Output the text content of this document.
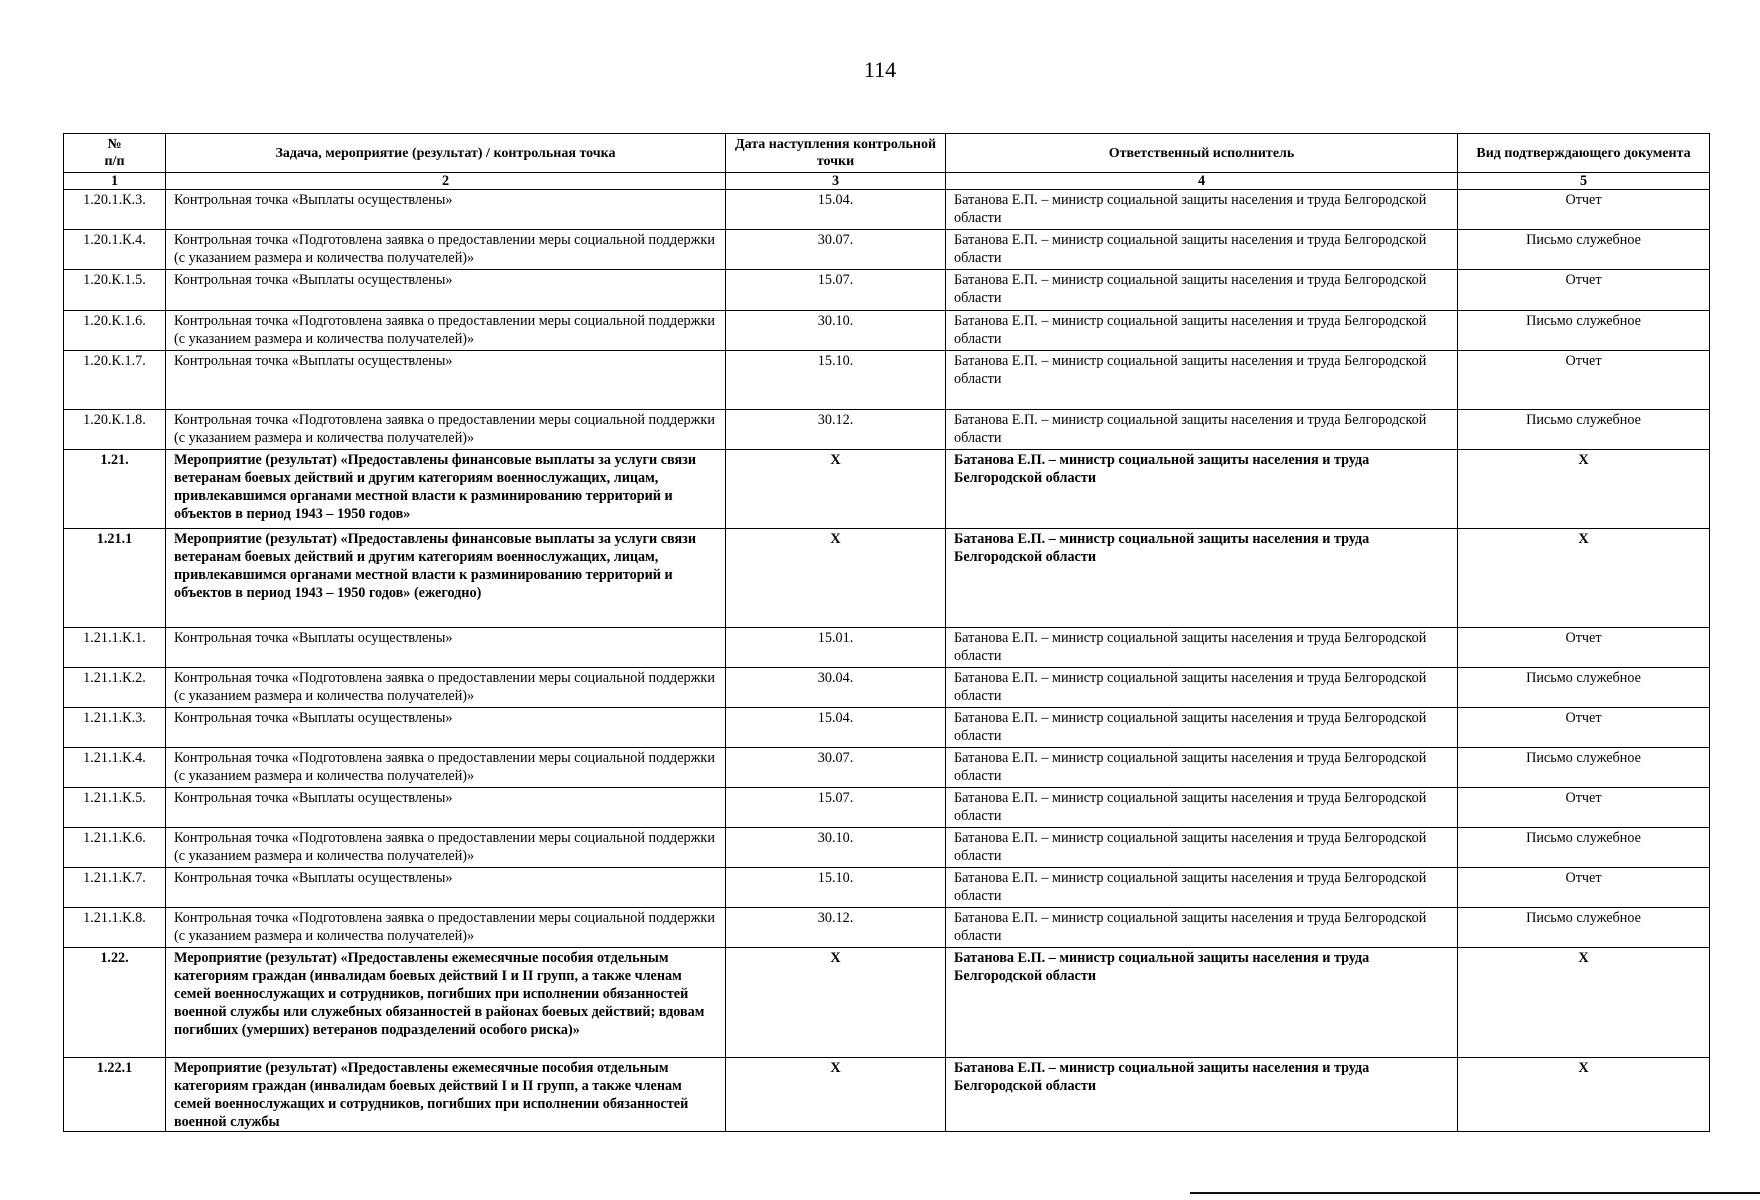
114
№
п/п	Задача, мероприятие (результат) / контрольная точка	Дата наступления контрольной точки	Ответственный исполнитель	Вид подтверждающего документа
1	2	3	4	5
1.20.1.К.3.	Контрольная точка «Выплаты осуществлены»	15.04.	Батанова Е.П. – министр социальной защиты населения и труда Белгородской области	Отчет
1.20.1.К.4.	Контрольная точка «Подготовлена заявка о предоставлении меры социальной поддержки (с указанием размера и количества получателей)»	30.07.	Батанова Е.П. – министр социальной защиты населения и труда Белгородской области	Письмо служебное
1.20.К.1.5.	Контрольная точка «Выплаты осуществлены»	15.07.	Батанова Е.П. – министр социальной защиты населения и труда Белгородской области	Отчет
1.20.К.1.6.	Контрольная точка «Подготовлена заявка о предоставлении меры социальной поддержки (с указанием размера и количества получателей)»	30.10.	Батанова Е.П. – министр социальной защиты населения и труда Белгородской области	Письмо служебное
1.20.К.1.7.	Контрольная точка «Выплаты осуществлены»	15.10.	Батанова Е.П. – министр социальной защиты населения и труда Белгородской области	Отчет
1.20.К.1.8.	Контрольная точка «Подготовлена заявка о предоставлении меры социальной поддержки (с указанием размера и количества получателей)»	30.12.	Батанова Е.П. – министр социальной защиты населения и труда Белгородской области	Письмо служебное
1.21.	Мероприятие (результат) «Предоставлены финансовые выплаты за услуги связи ветеранам боевых действий и другим категориям военнослужащих, лицам, привлекавшимся органами местной власти к разминированию территорий и объектов в период 1943 – 1950 годов»	Х	Батанова Е.П. – министр социальной защиты населения и труда Белгородской области	Х
1.21.1	Мероприятие (результат) «Предоставлены финансовые выплаты за услуги связи ветеранам боевых действий и другим категориям военнослужащих, лицам, привлекавшимся органами местной власти к разминированию территорий и объектов в период 1943 – 1950 годов» (ежегодно)	Х	Батанова Е.П. – министр социальной защиты населения и труда Белгородской области	Х
1.21.1.К.1.	Контрольная точка «Выплаты осуществлены»	15.01.	Батанова Е.П. – министр социальной защиты населения и труда Белгородской области	Отчет
1.21.1.К.2.	Контрольная точка «Подготовлена заявка о предоставлении меры социальной поддержки (с указанием размера и количества получателей)»	30.04.	Батанова Е.П. – министр социальной защиты населения и труда Белгородской области	Письмо служебное
1.21.1.К.3.	Контрольная точка «Выплаты осуществлены»	15.04.	Батанова Е.П. – министр социальной защиты населения и труда Белгородской области	Отчет
1.21.1.К.4.	Контрольная точка «Подготовлена заявка о предоставлении меры социальной поддержки (с указанием размера и количества получателей)»	30.07.	Батанова Е.П. – министр социальной защиты населения и труда Белгородской области	Письмо служебное
1.21.1.К.5.	Контрольная точка «Выплаты осуществлены»	15.07.	Батанова Е.П. – министр социальной защиты населения и труда Белгородской области	Отчет
1.21.1.К.6.	Контрольная точка «Подготовлена заявка о предоставлении меры социальной поддержки (с указанием размера и количества получателей)»	30.10.	Батанова Е.П. – министр социальной защиты населения и труда Белгородской области	Письмо служебное
1.21.1.К.7.	Контрольная точка «Выплаты осуществлены»	15.10.	Батанова Е.П. – министр социальной защиты населения и труда Белгородской области	Отчет
1.21.1.К.8.	Контрольная точка «Подготовлена заявка о предоставлении меры социальной поддержки (с указанием размера и количества получателей)»	30.12.	Батанова Е.П. – министр социальной защиты населения и труда Белгородской области	Письмо служебное
1.22.	Мероприятие (результат) «Предоставлены ежемесячные пособия отдельным категориям граждан (инвалидам боевых действий I и II групп, а также членам семей военнослужащих и сотрудников, погибших при исполнении обязанностей военной службы или служебных обязанностей в районах боевых действий; вдовам погибших (умерших) ветеранов подразделений особого риска)»	Х	Батанова Е.П. – министр социальной защиты населения и труда Белгородской области	Х
1.22.1	Мероприятие (результат) «Предоставлены ежемесячные пособия отдельным категориям граждан (инвалидам боевых действий I и II групп, а также членам семей военнослужащих и сотрудников, погибших при исполнении обязанностей военной службы	Х	Батанова Е.П. – министр социальной защиты населения и труда Белгородской области	Х
